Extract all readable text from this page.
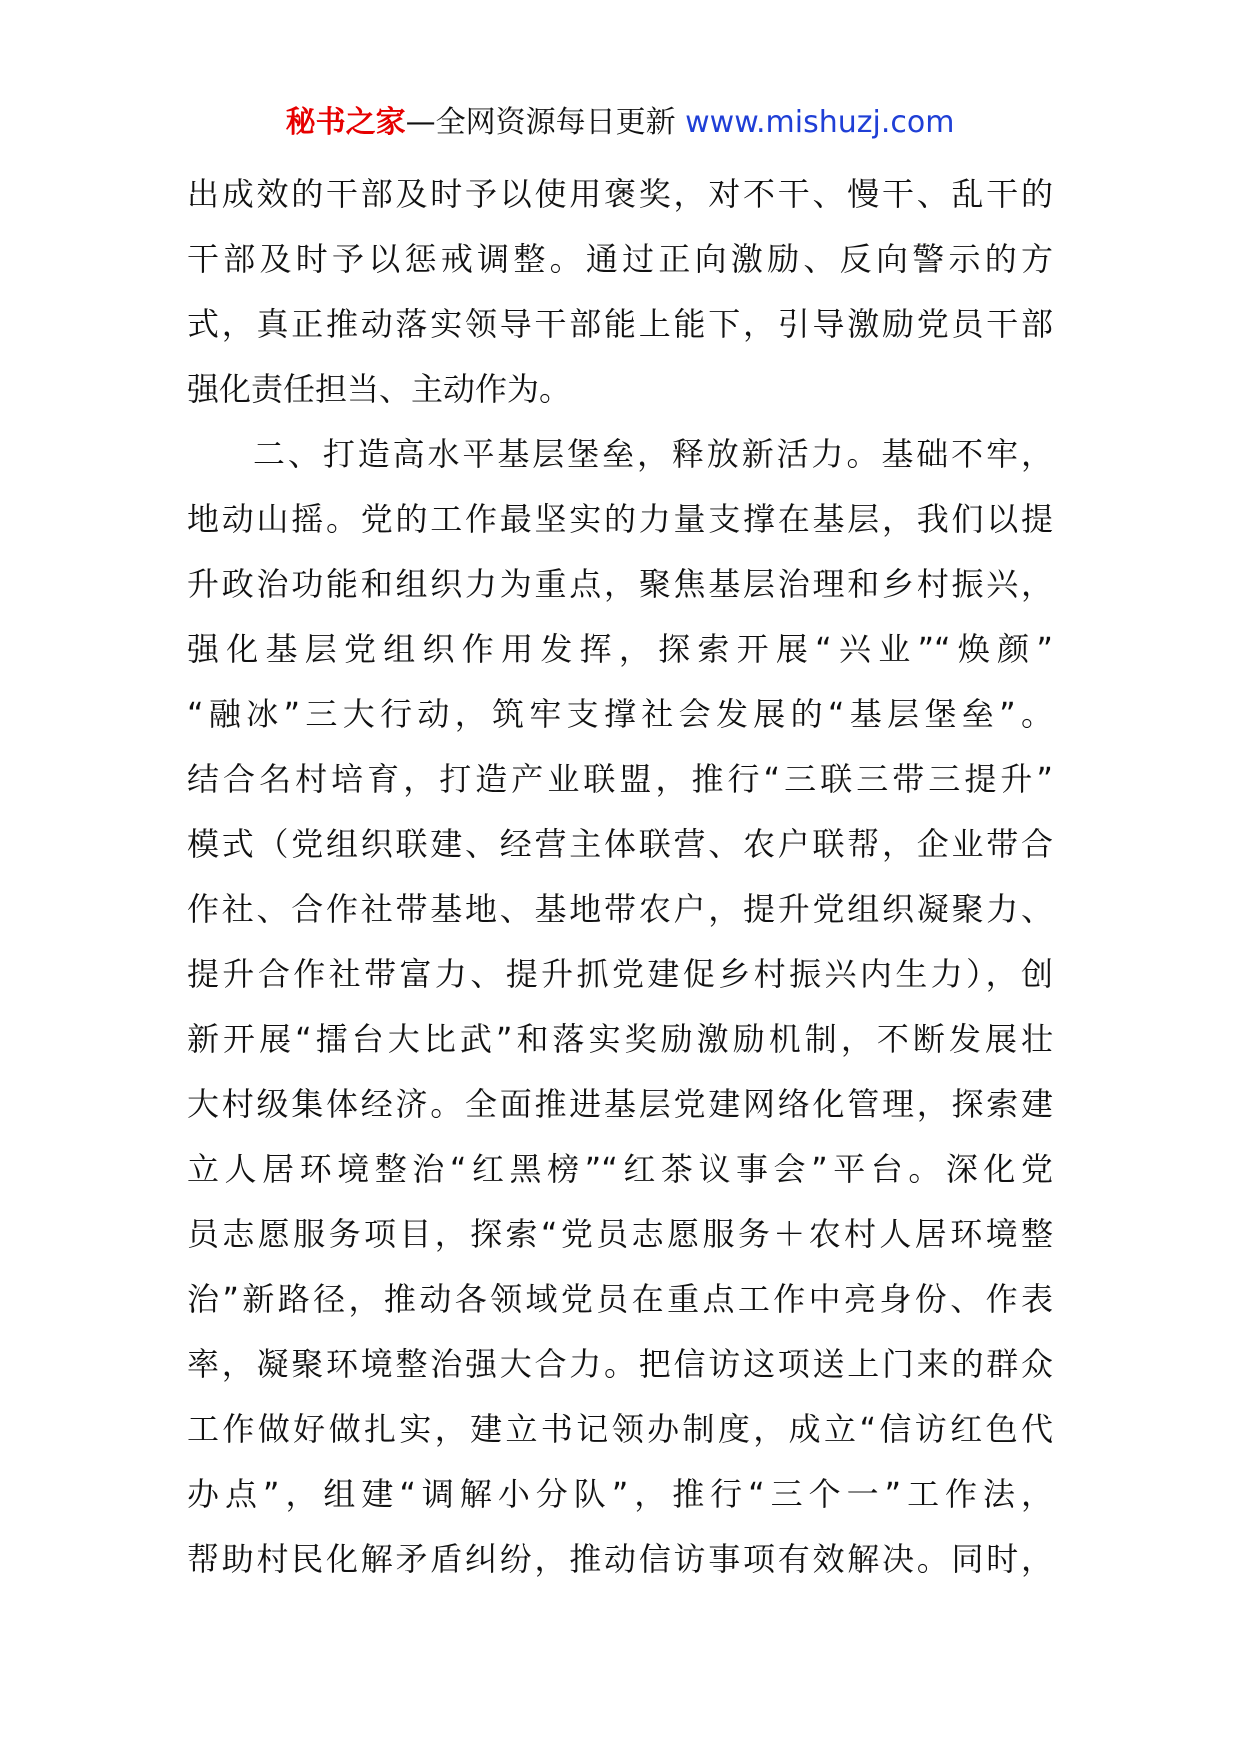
秘书之家—全网资源每日更新 www.mishuzj.com
出成效的干部及时予以使用褒奖，对不干、慢干、乱干的
干部及时予以惩戒调整。通过正向激励、反向警示的方
式，真正推动落实领导干部能上能下，引导激励党员干部
强化责任担当、主动作为。
二、打造高水平基层堡垒，释放新活力。基础不牢，
地动山摇。党的工作最坚实的力量支撑在基层，我们以提
升政治功能和组织力为重点，聚焦基层治理和乡村振兴，
强化基层党组织作用发挥，探索开展“兴业”“焕颜”
“融冰”三大行动，筑牢支撑社会发展的“基层堡垒”。
结合名村培育，打造产业联盟，推行“三联三带三提升”
模式（党组织联建、经营主体联营、农户联帮，企业带合
作社、合作社带基地、基地带农户，提升党组织凝聚力、
提升合作社带富力、提升抓党建促乡村振兴内生力），创
新开展“擂台大比武”和落实奖励激励机制，不断发展壮
大村级集体经济。全面推进基层党建网络化管理，探索建
立人居环境整治“红黑榜”“红茶议事会”平台。深化党
员志愿服务项目，探索“党员志愿服务＋农村人居环境整
治”新路径，推动各领域党员在重点工作中亮身份、作表
率，凝聚环境整治强大合力。把信访这项送上门来的群众
工作做好做扎实，建立书记领办制度，成立“信访红色代
办点”，组建“调解小分队”，推行“三个一”工作法，
帮助村民化解矛盾纠纷，推动信访事项有效解决。同时，
